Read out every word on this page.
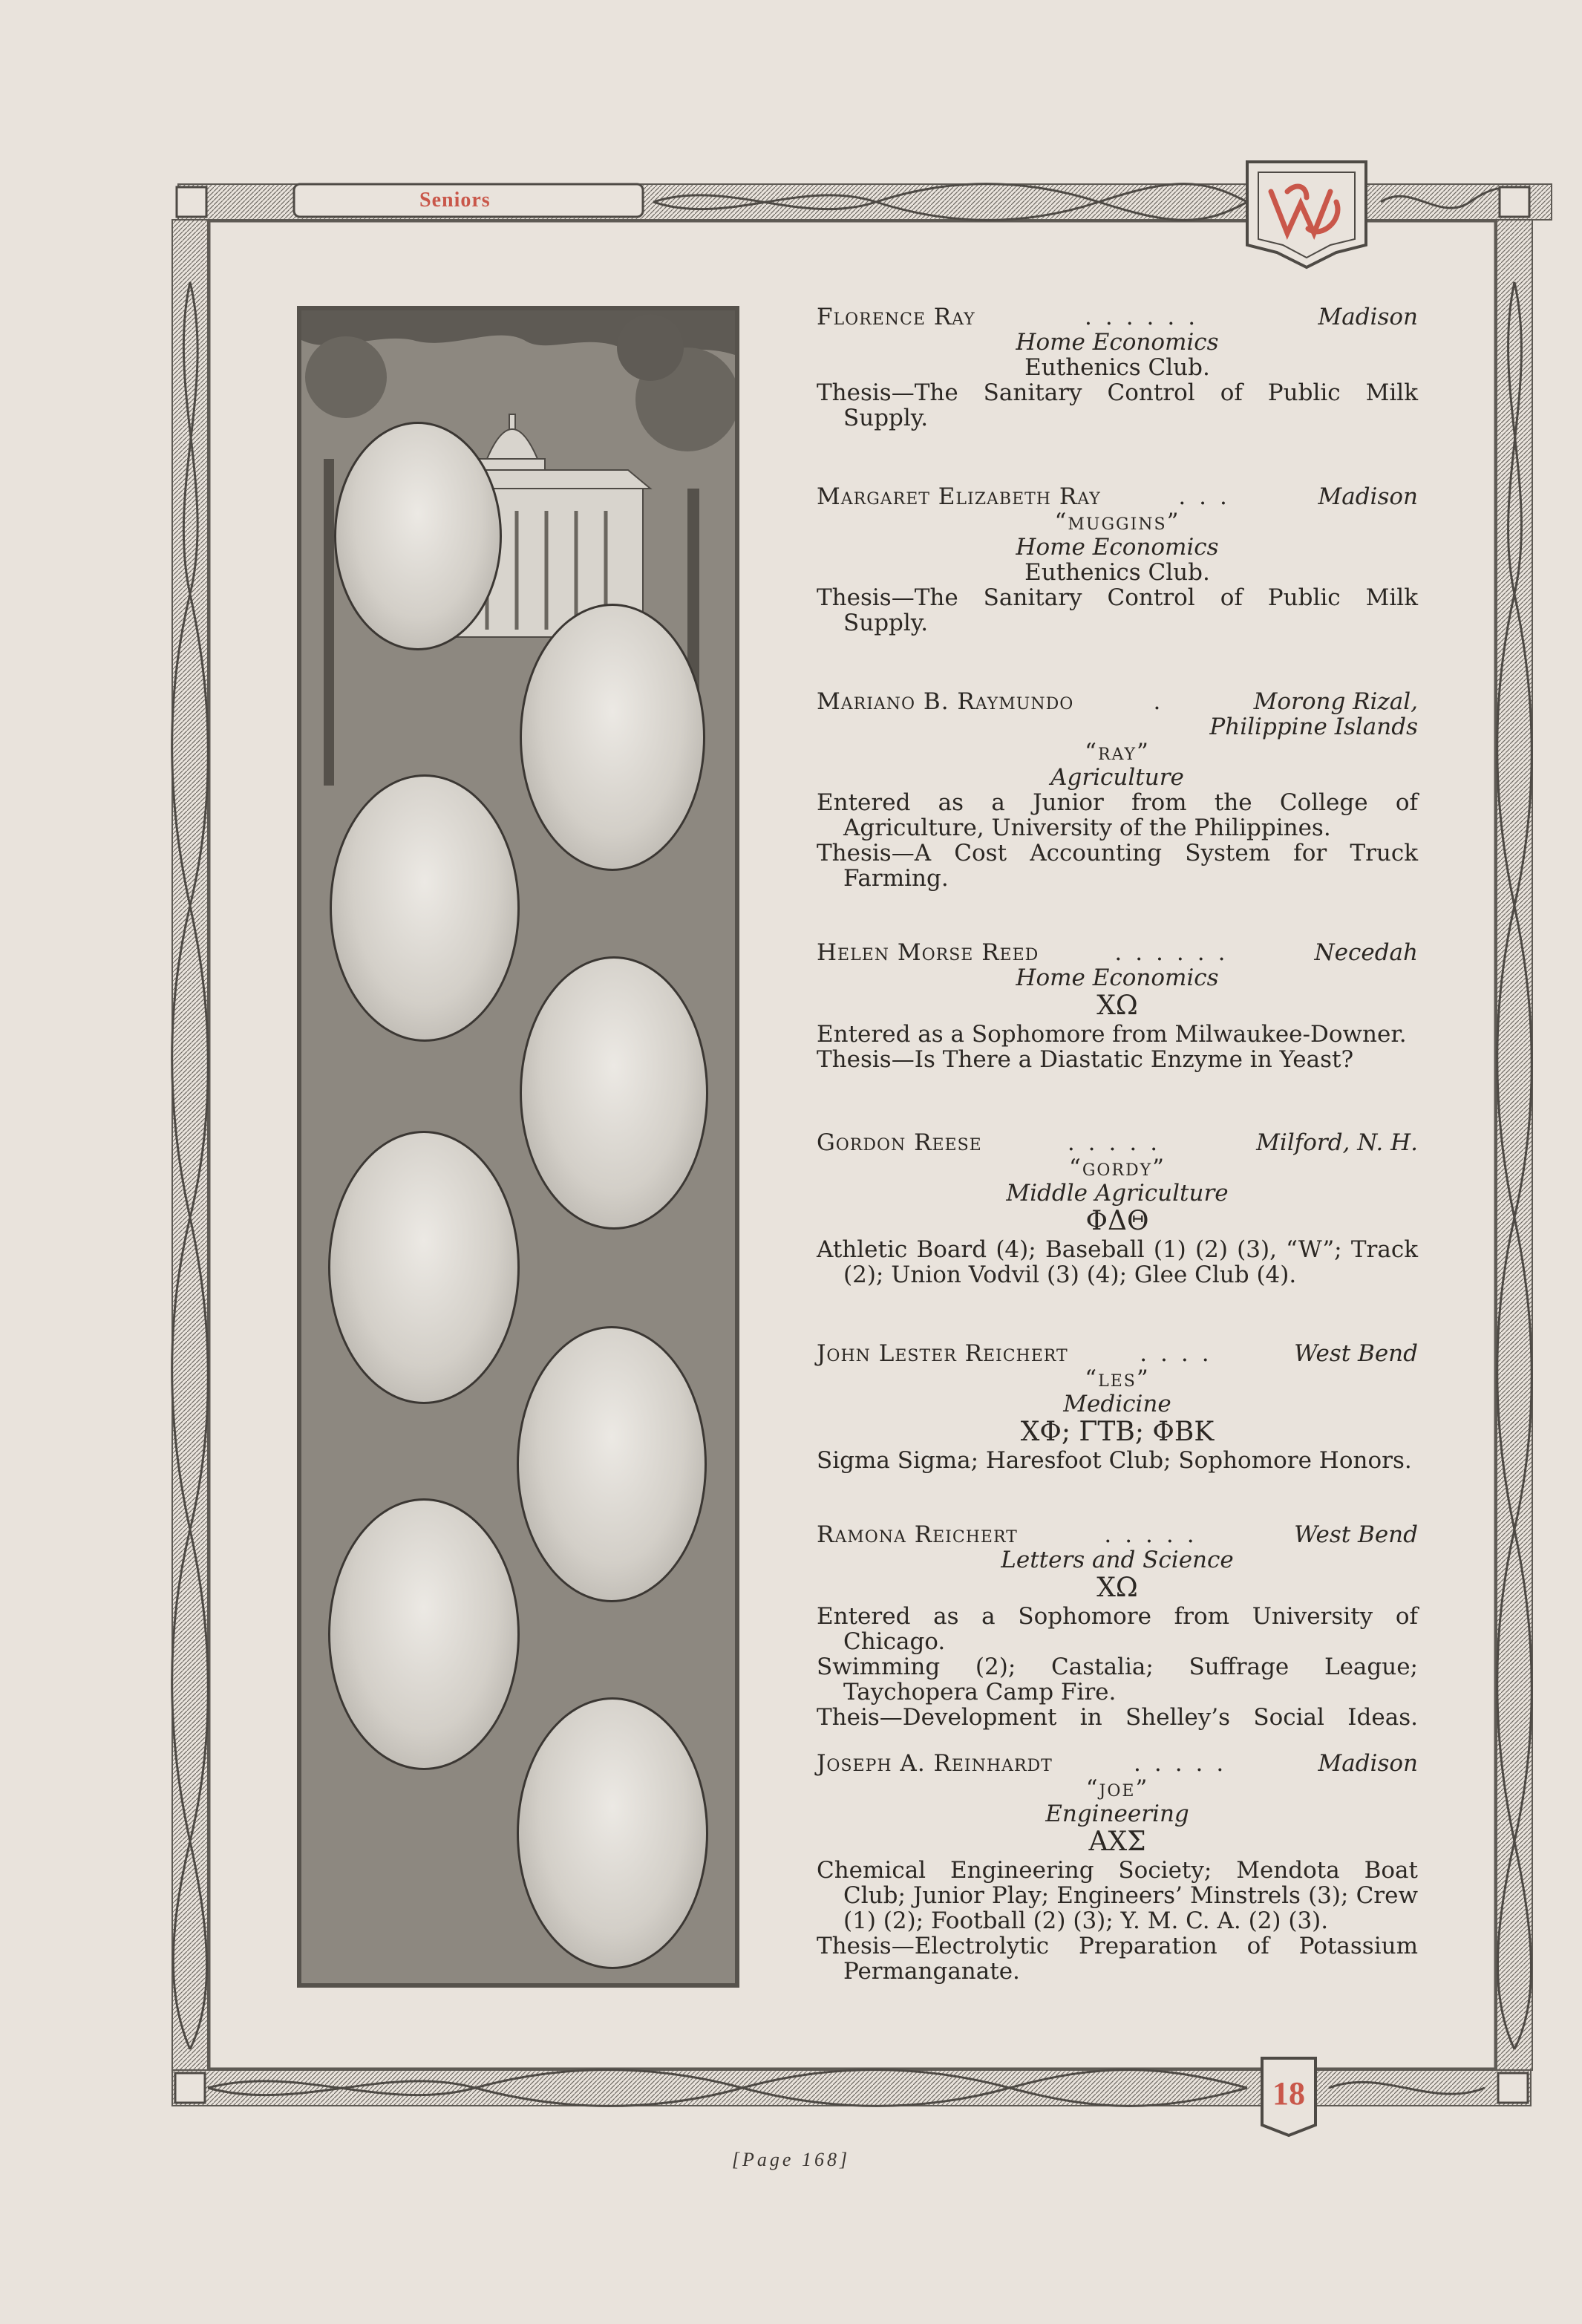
Seniors
18
Florence Ray	......	Madison
Home Economics
Euthenics Club.
Thesis—The Sanitary Control of Public Milk Supply.
Margaret Elizabeth Ray	...	Madison
“muggins”
Home Economics
Euthenics Club.
Thesis—The Sanitary Control of Public Milk Supply.
Mariano B. Raymundo	.	Morong Rizal,
Philippine Islands
“ray”
Agriculture
Entered as a Junior from the College of Agriculture, University of the Philippines.
Thesis—A Cost Accounting System for Truck Farming.
Helen Morse Reed	......	Necedah
Home Economics
ΧΩ
Entered as a Sophomore from Milwaukee-Downer.
Thesis—Is There a Diastatic Enzyme in Yeast?
Gordon Reese	.....	Milford, N. H.
“gordy”
Middle Agriculture
ΦΔΘ
Athletic Board (4); Baseball (1) (2) (3), “W”; Track (2); Union Vodvil (3) (4); Glee Club (4).
John Lester Reichert	....	West Bend
“les”
Medicine
ΧΦ; ΓΤΒ; ΦΒΚ
Sigma Sigma; Haresfoot Club; Sophomore Honors.
Ramona Reichert	.....	West Bend
Letters and Science
ΧΩ
Entered as a Sophomore from University of Chicago.
Swimming (2); Castalia; Suffrage League; Taychopera Camp Fire.
Theis—Development in Shelley’s Social Ideas.
Joseph A. Reinhardt	.....	Madison
“joe”
Engineering
ΑΧΣ
Chemical Engineering Society; Mendota Boat Club; Junior Play; Engineers’ Minstrels (3); Crew (1) (2); Football (2) (3); Y. M. C. A. (2) (3).
Thesis—Electrolytic Preparation of Potassium Permanganate.
[Page 168]
